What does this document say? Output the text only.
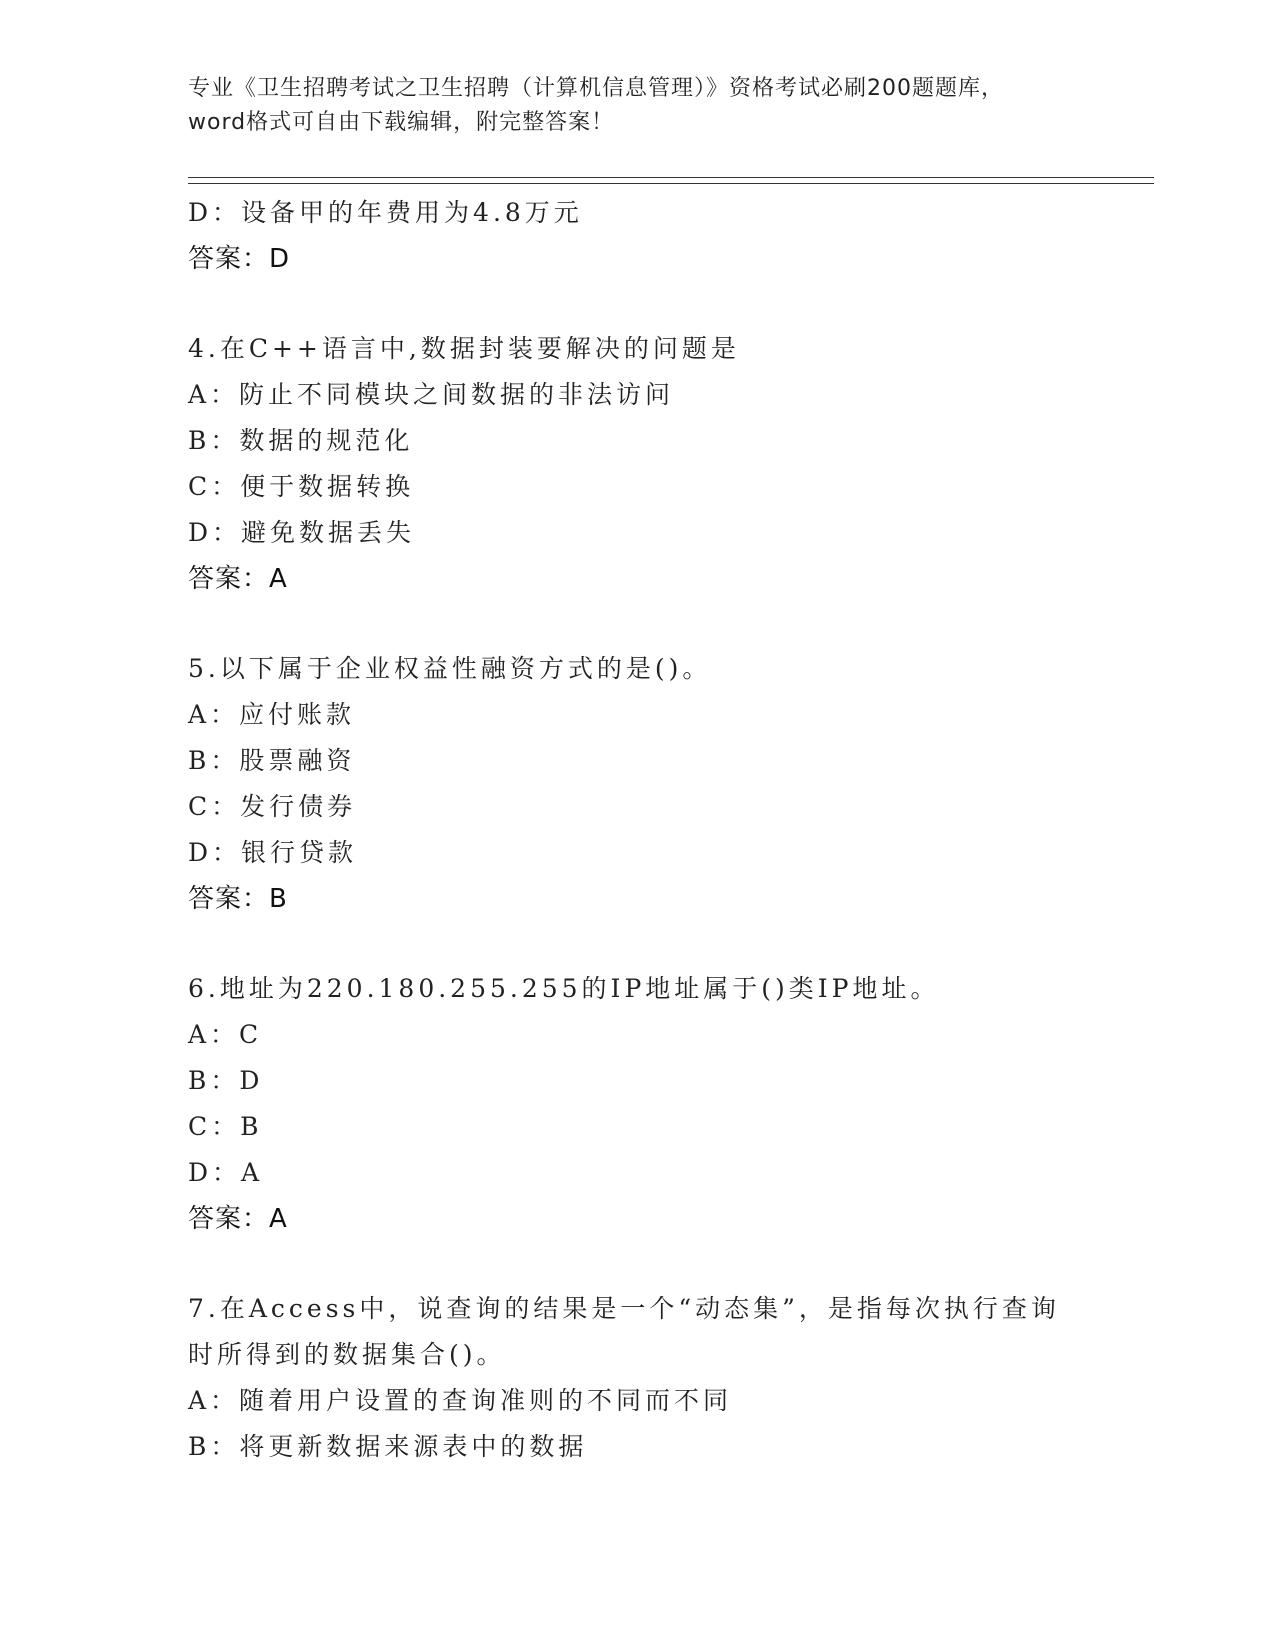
专业《卫生招聘考试之卫生招聘（计算机信息管理）》资格考试必刷200题题库，
word格式可自由下载编辑，附完整答案！
D：设备甲的年费用为4.8万元
答案：D
4.在C++语言中,数据封装要解决的问题是
A：防止不同模块之间数据的非法访问
B：数据的规范化
C：便于数据转换
D：避免数据丢失
答案：A
5.以下属于企业权益性融资方式的是()。
A：应付账款
B：股票融资
C：发行债券
D：银行贷款
答案：B
6.地址为220.180.255.255的IP地址属于()类IP地址。
A：C
B：D
C：B
D：A
答案：A
7.在Access中，说查询的结果是一个“动态集”，是指每次执行查询
时所得到的数据集合()。
A：随着用户设置的查询准则的不同而不同
B：将更新数据来源表中的数据
